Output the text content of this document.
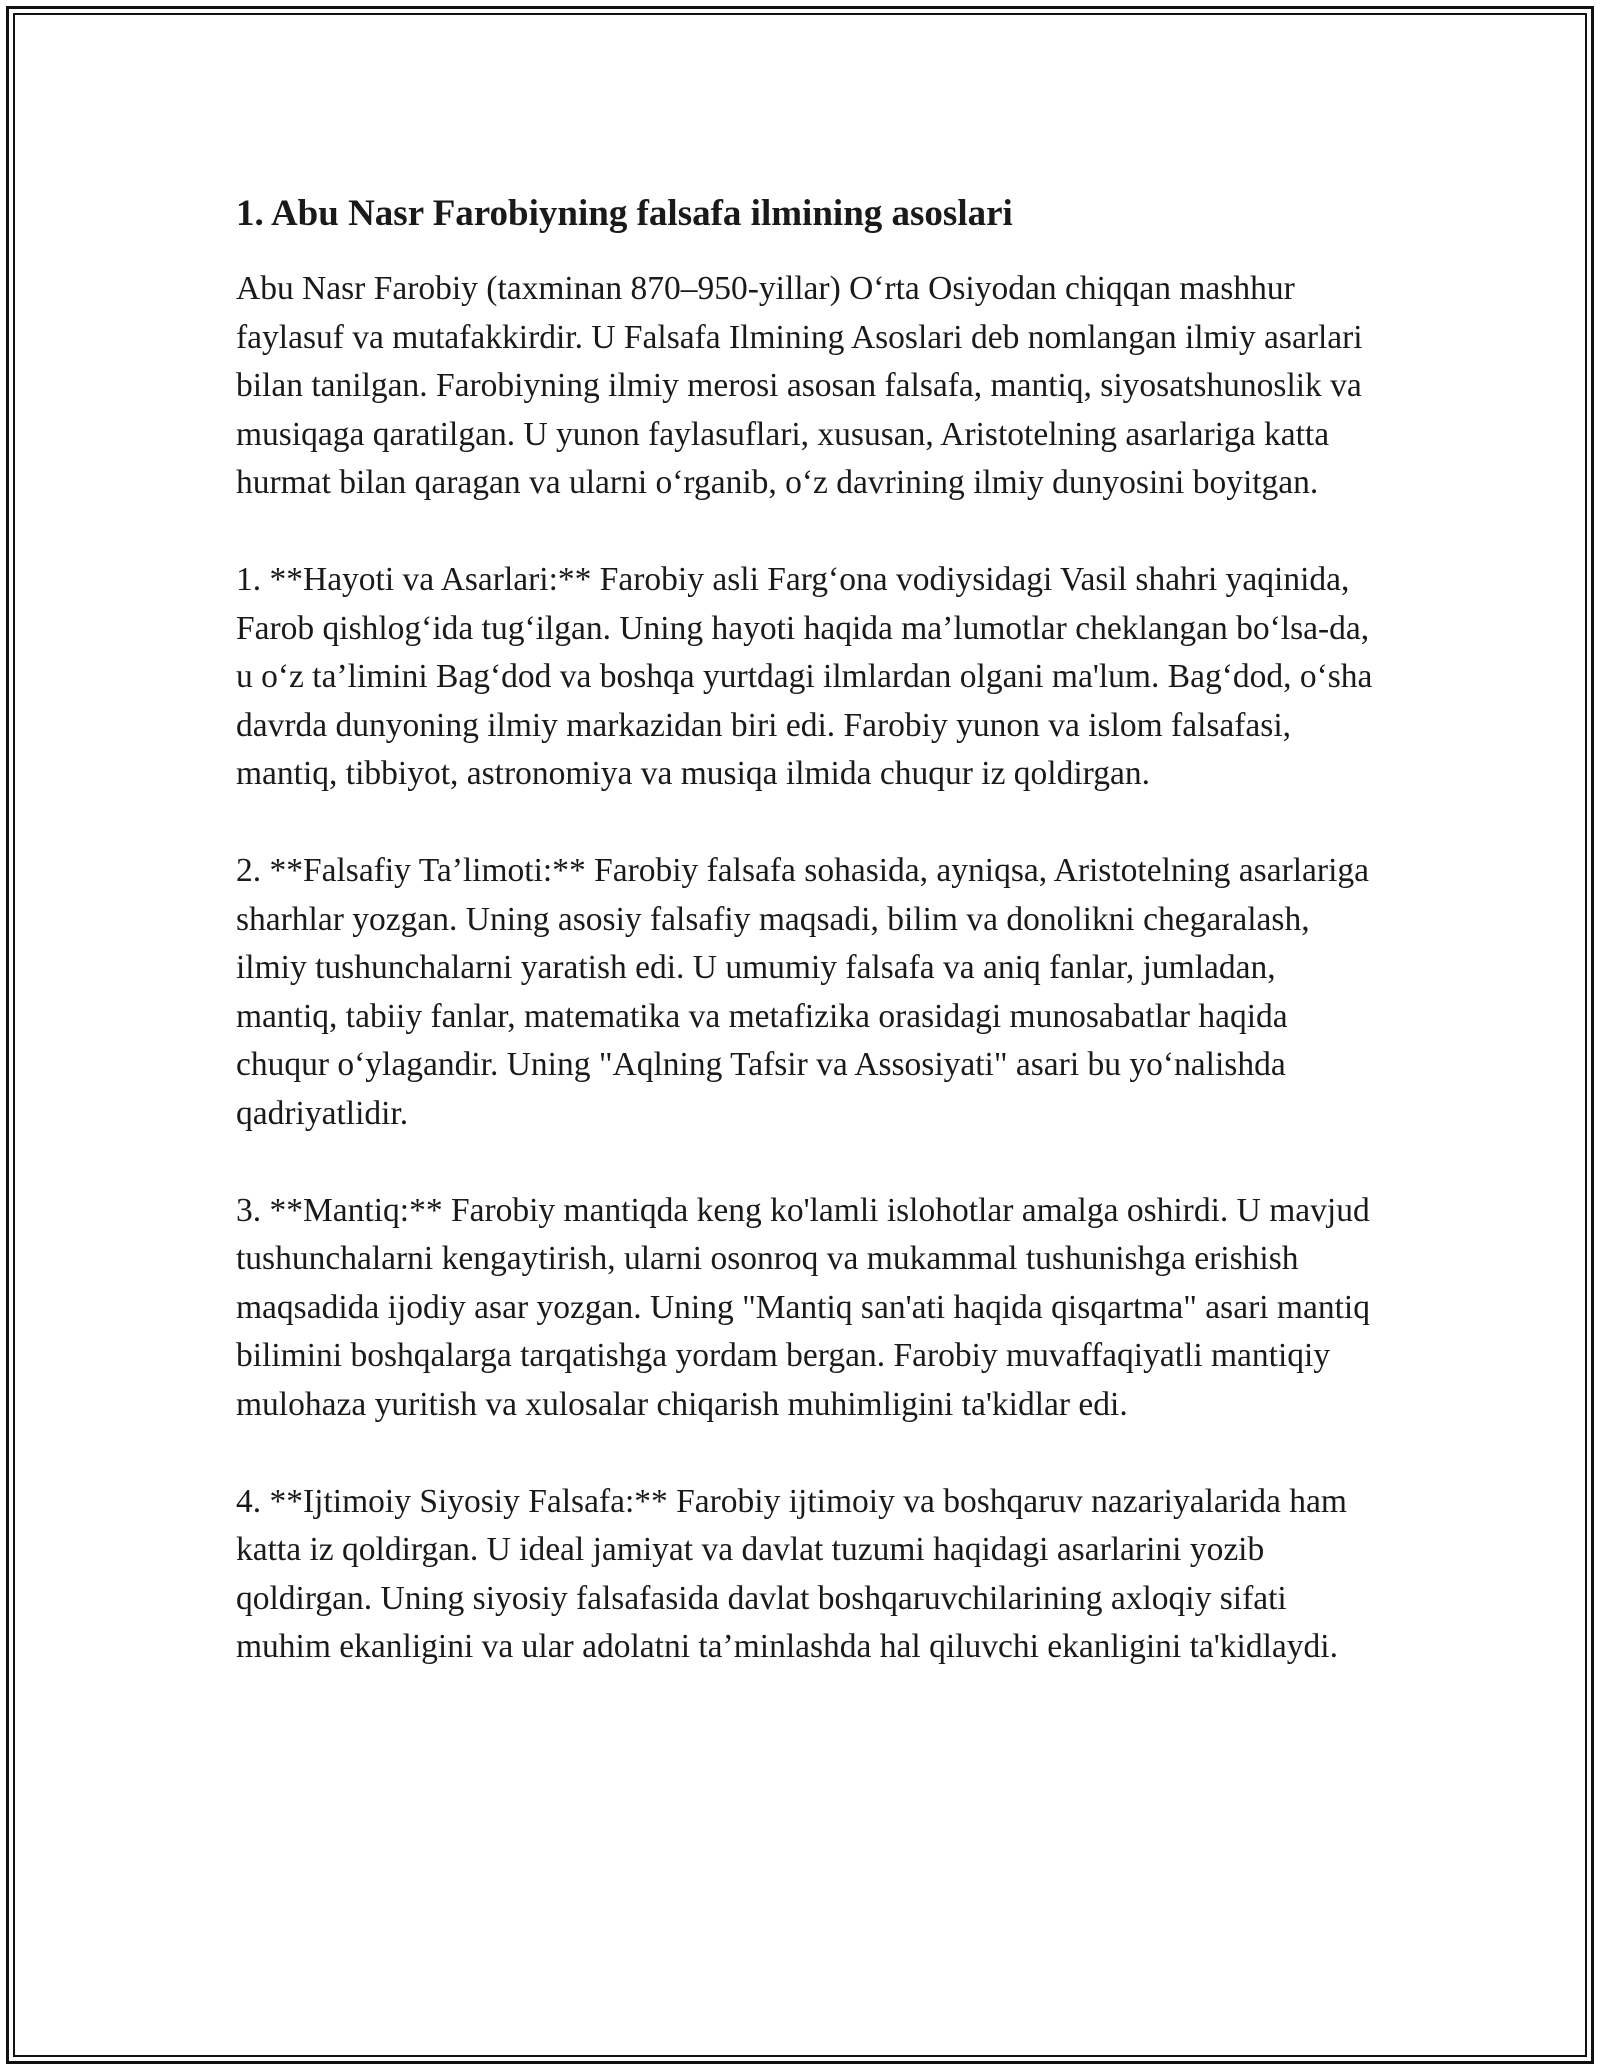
1. Abu Nasr Farobiyning falsafa ilmining asoslari

Abu Nasr Farobiy (taxminan 870–950-yillar) O‘rta Osiyodan chiqqan mashhur faylasuf va mutafakkirdir. U Falsafa Ilmining Asoslari deb nomlangan ilmiy asarlari bilan tanilgan. Farobiyning ilmiy merosi asosan falsafa, mantiq, siyosatshunoslik va musiqaga qaratilgan. U yunon faylasuflari, xususan, Aristotelning asarlariga katta hurmat bilan qaragan va ularni o‘rganib, o‘z davrining ilmiy dunyosini boyitgan.

1. **Hayoti va Asarlari:** Farobiy asli Farg‘ona vodiysidagi Vasil shahri yaqinida, Farob qishlog‘ida tug‘ilgan. Uning hayoti haqida ma’lumotlar cheklangan bo‘lsa-da, u o‘z ta’limini Bag‘dod va boshqa yurtdagi ilmlardan olgani ma'lum. Bag‘dod, o‘sha davrda dunyoning ilmiy markazidan biri edi. Farobiy yunon va islom falsafasi, mantiq, tibbiyot, astronomiya va musiqa ilmida chuqur iz qoldirgan.

2. **Falsafiy Ta’limoti:** Farobiy falsafa sohasida, ayniqsa, Aristotelning asarlariga sharhlar yozgan. Uning asosiy falsafiy maqsadi, bilim va donolikni chegaralash, ilmiy tushunchalarni yaratish edi. U umumiy falsafa va aniq fanlar, jumladan, mantiq, tabiiy fanlar, matematika va metafizika orasidagi munosabatlar haqida chuqur o‘ylagandir. Uning "Aqlning Tafsir va Assosiyati" asari bu yo‘nalishda qadriyatlidir.

3. **Mantiq:** Farobiy mantiqda keng ko'lamli islohotlar amalga oshirdi. U mavjud tushunchalarni kengaytirish, ularni osonroq va mukammal tushunishga erishish maqsadida ijodiy asar yozgan. Uning "Mantiq san'ati haqida qisqartma" asari mantiq bilimini boshqalarga tarqatishga yordam bergan. Farobiy muvaffaqiyatli mantiqiy mulohaza yuritish va xulosalar chiqarish muhimligini ta'kidlar edi.

4. **Ijtimoiy Siyosiy Falsafa:** Farobiy ijtimoiy va boshqaruv nazariyalarida ham katta iz qoldirgan. U ideal jamiyat va davlat tuzumi haqidagi asarlarini yozib qoldirgan. Uning siyosiy falsafasida davlat boshqaruvchilarining axloqiy sifati muhim ekanligini va ular adolatni ta’minlashda hal qiluvchi ekanligini ta'kidlaydi.
